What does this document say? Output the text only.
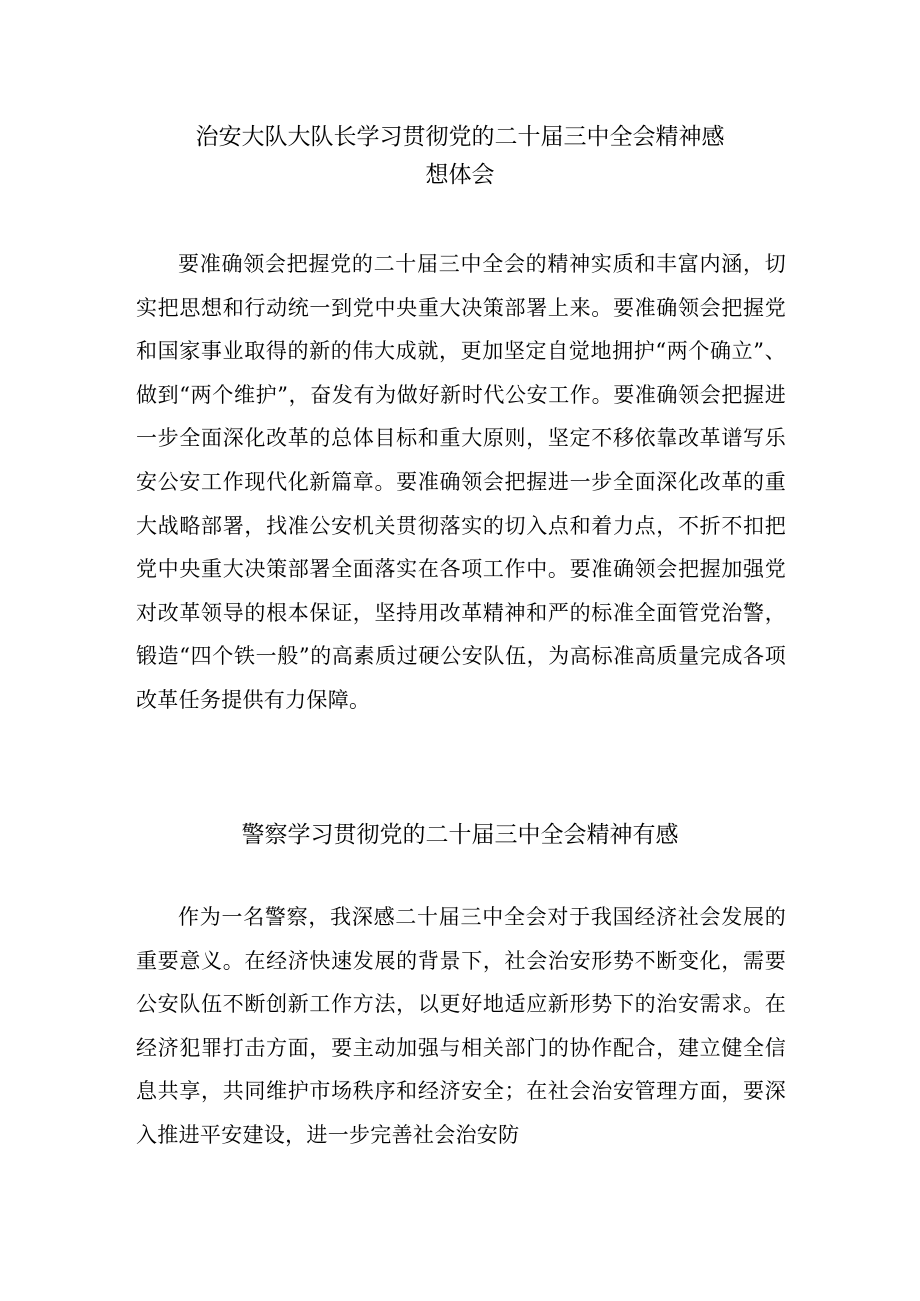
治安大队大队长学习贯彻党的二十届三中全会精神感
想体会

要准确领会把握党的二十届三中全会的精神实质和丰富内涵，切实把思想和行动统一到党中央重大决策部署上来。要准确领会把握党和国家事业取得的新的伟大成就，更加坚定自觉地拥护“两个确立”、做到“两个维护”，奋发有为做好新时代公安工作。要准确领会把握进一步全面深化改革的总体目标和重大原则，坚定不移依靠改革谱写乐安公安工作现代化新篇章。要准确领会把握进一步全面深化改革的重大战略部署，找准公安机关贯彻落实的切入点和着力点，不折不扣把党中央重大决策部署全面落实在各项工作中。要准确领会把握加强党对改革领导的根本保证，坚持用改革精神和严的标准全面管党治警，锻造“四个铁一般”的高素质过硬公安队伍，为高标准高质量完成各项改革任务提供有力保障。

警察学习贯彻党的二十届三中全会精神有感

作为一名警察，我深感二十届三中全会对于我国经济社会发展的重要意义。在经济快速发展的背景下，社会治安形势不断变化，需要公安队伍不断创新工作方法，以更好地适应新形势下的治安需求。在经济犯罪打击方面，要主动加强与相关部门的协作配合，建立健全信息共享，共同维护市场秩序和经济安全；在社会治安管理方面，要深入推进平安建设，进一步完善社会治安防
